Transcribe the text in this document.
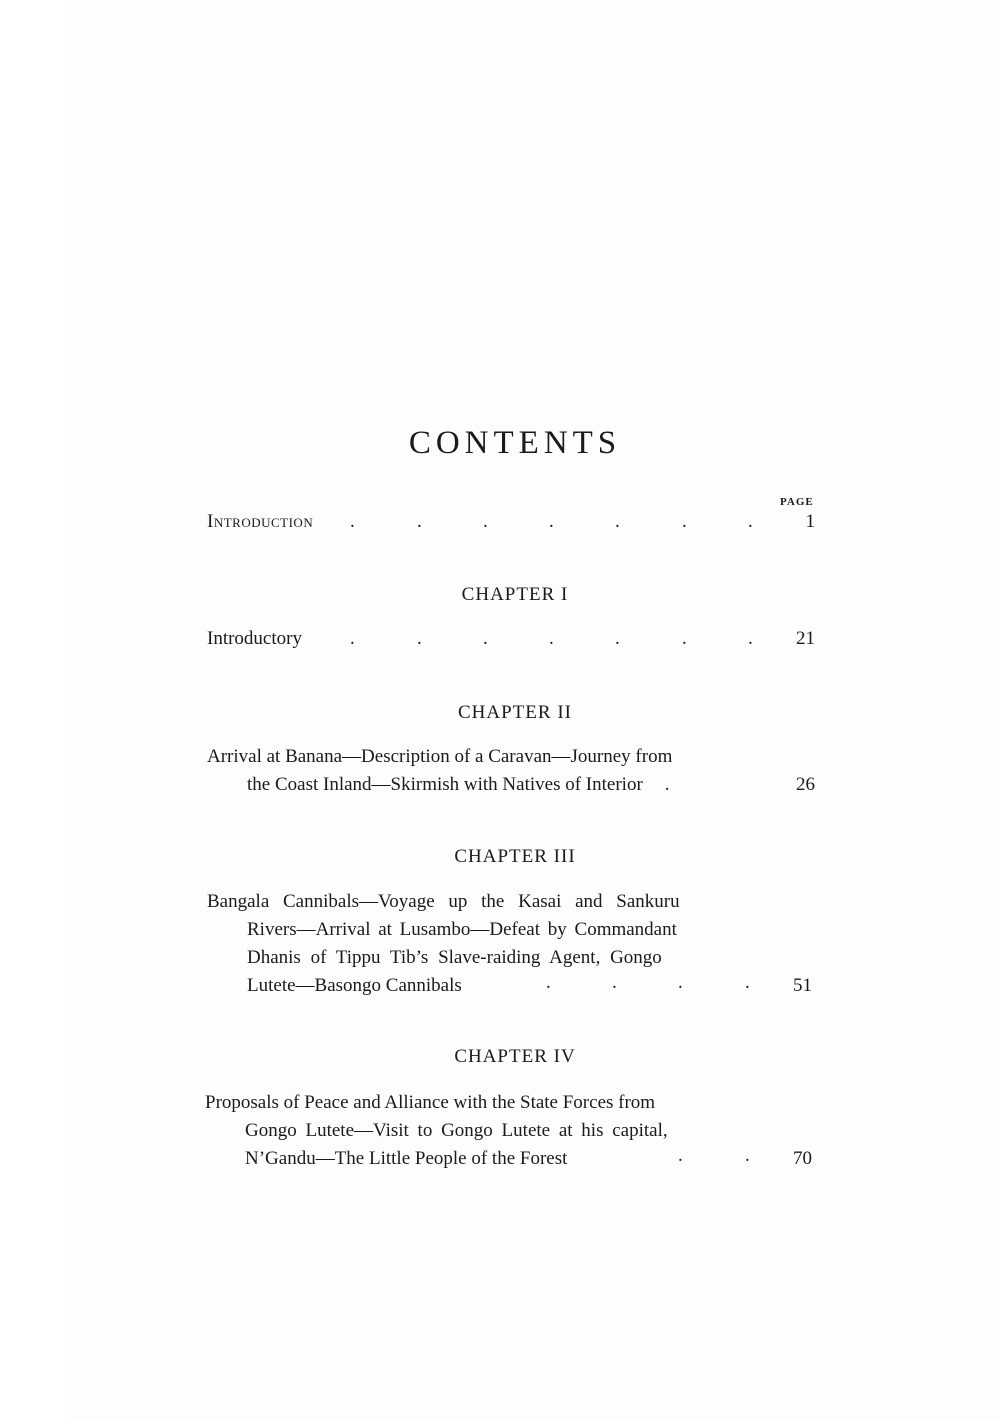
CONTENTS
PAGE
Introduction .	.	.	.	.	.	.	1
CHAPTER I
Introductory	.	.	.	.	.	.	.	21
CHAPTER II
Arrival at Banana—Description of a Caravan—Journey from
the Coast Inland—Skirmish with Natives of Interior .	26
CHAPTER III
Bangala Cannibals—Voyage up the Kasai and Sankuru
Rivers—Arrival at Lusambo—Defeat by Commandant
Dhanis of Tippu Tib’s Slave-raiding Agent, Gongo
Lutete—Basongo Cannibals	.	.	.	.	51
CHAPTER IV
Proposals of Peace and Alliance with the State Forces from
Gongo Lutete—Visit to Gongo Lutete at his capital,
N’Gandu—The Little People of the Forest	.	.	70
